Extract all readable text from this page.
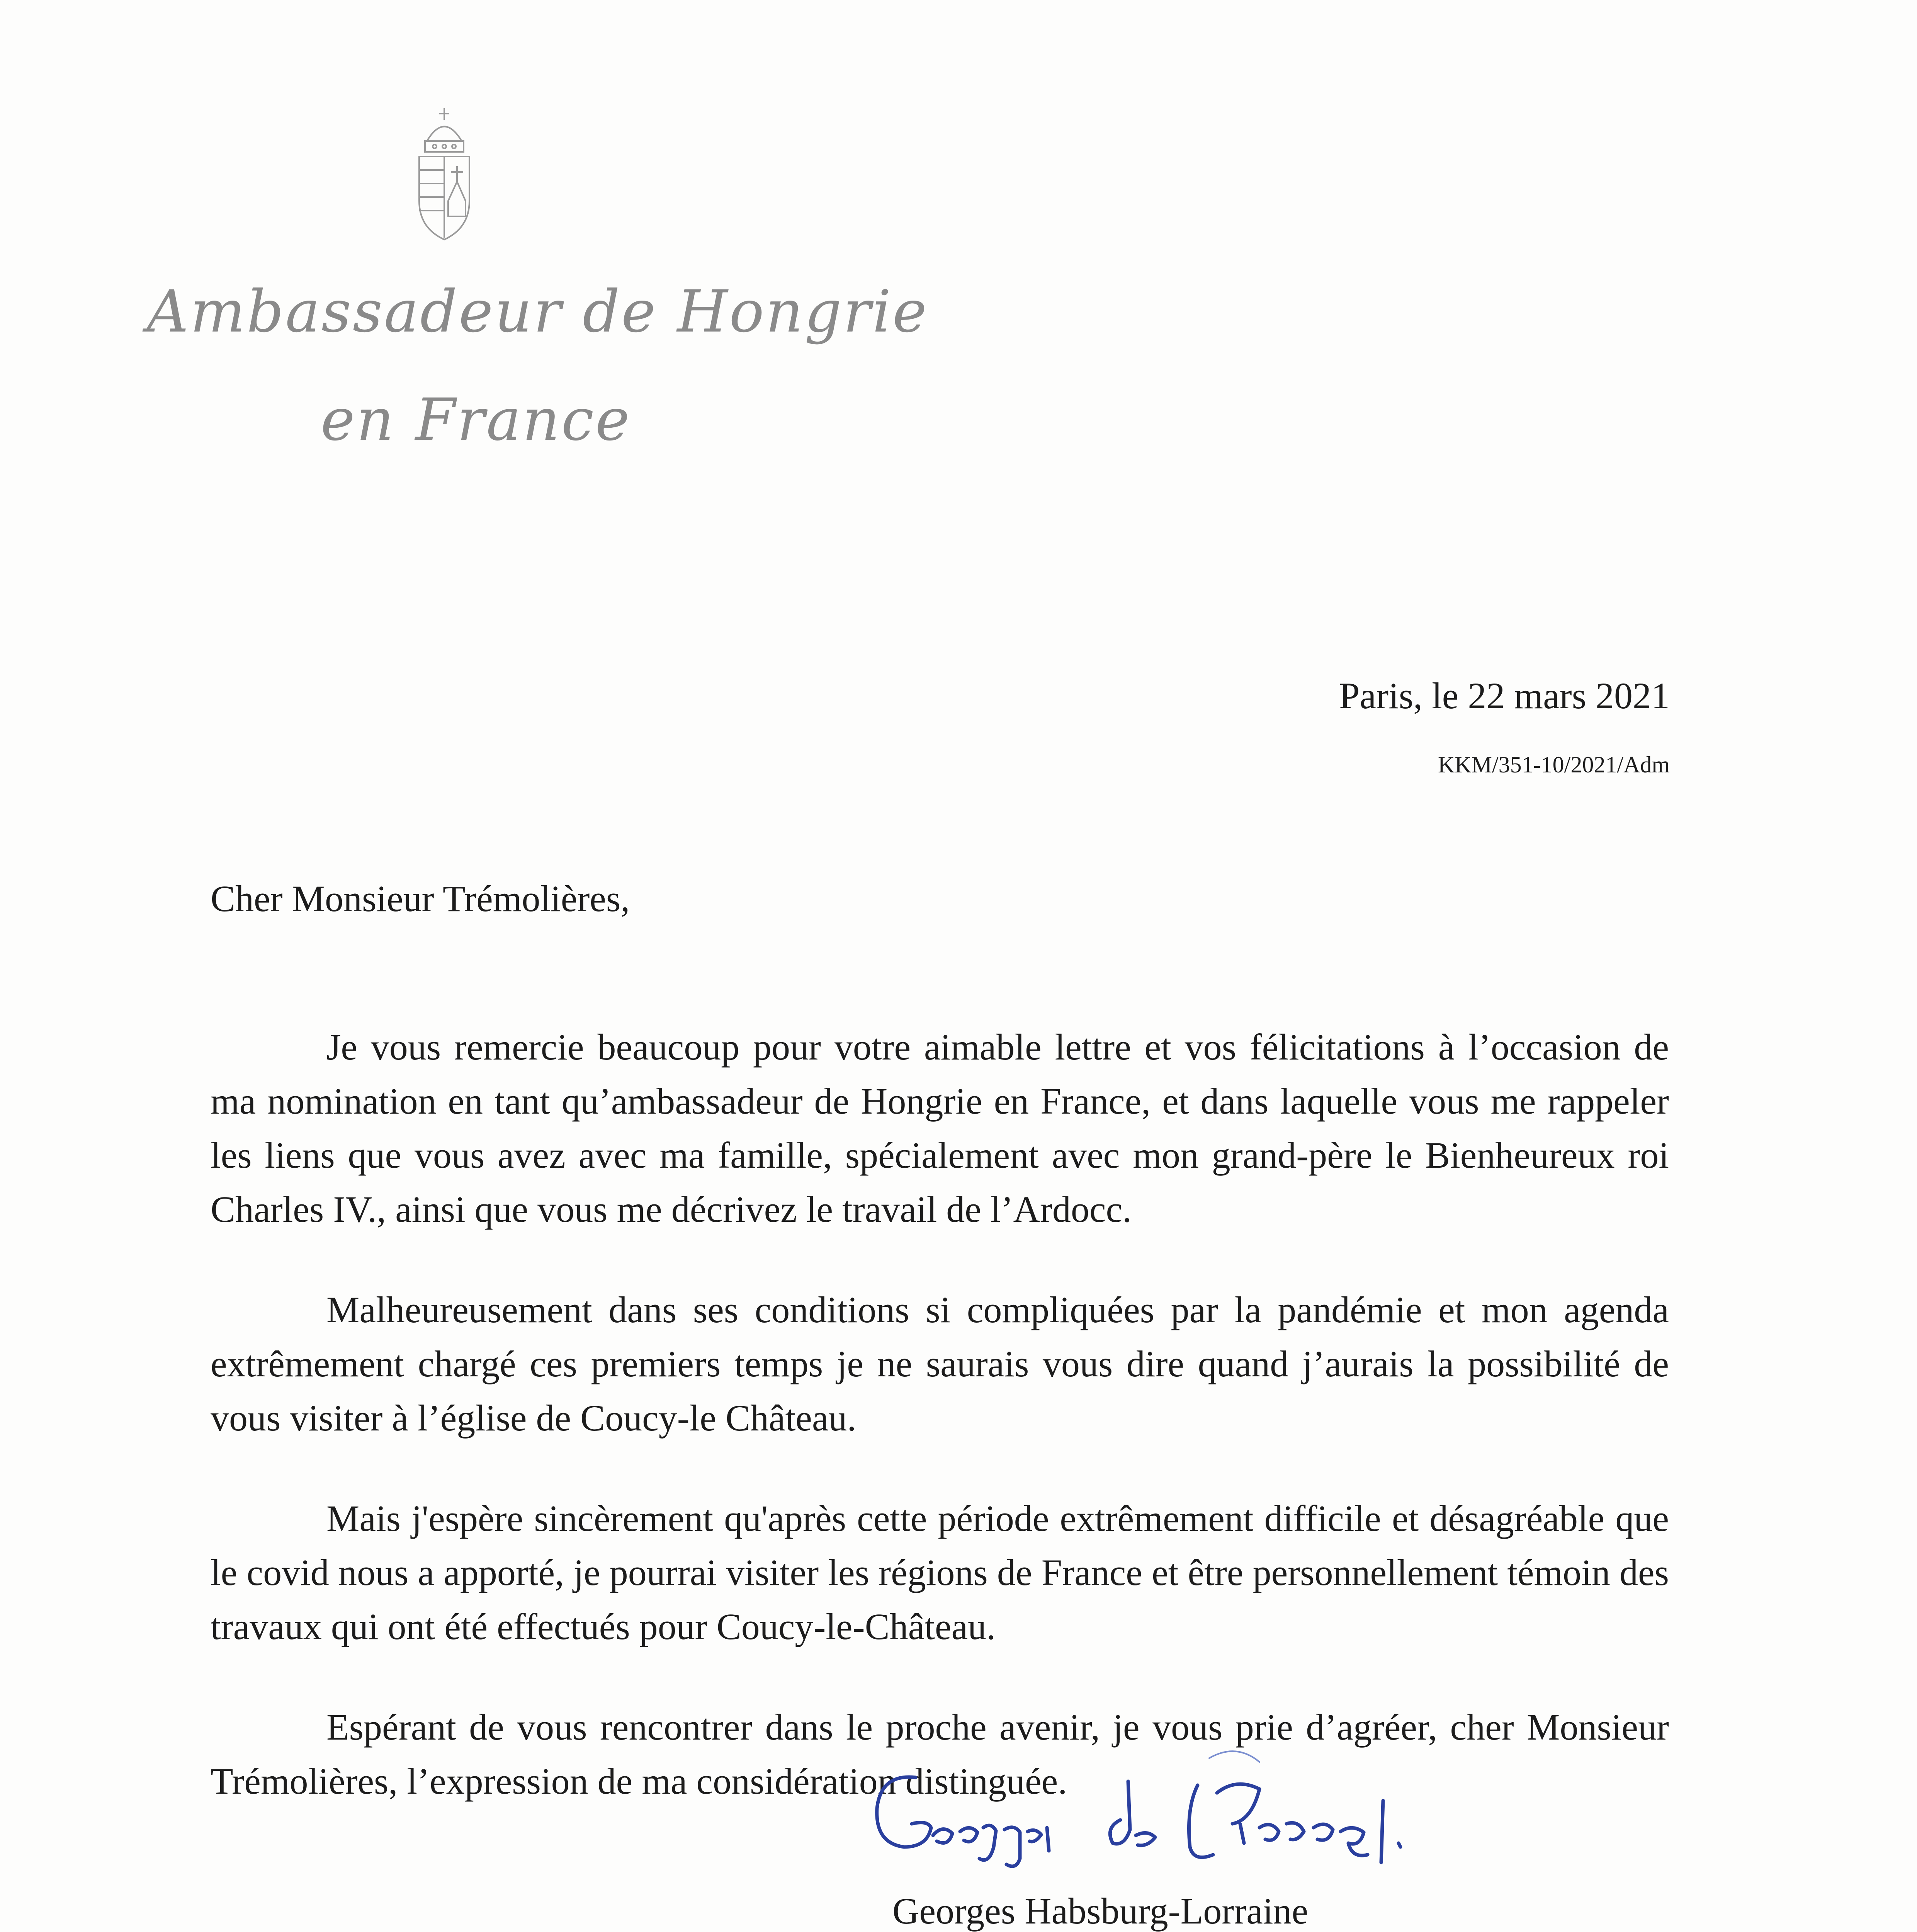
Ambassadeur de Hongrie
en France
Paris, le 22 mars 2021
KKM/351-10/2021/Adm
Cher Monsieur Trémolières,

Je vous remercie beaucoup pour votre aimable lettre et vos félicitations à l’occasion de ma nomination en tant qu’ambassadeur de Hongrie en France, et dans laquelle vous me rappeler les liens que vous avez avec ma famille, spécialement avec mon grand-père le Bienheureux roi Charles IV., ainsi que vous me décrivez le travail de l’Ardocc.

Malheureusement dans ses conditions si compliquées par la pandémie et mon agenda extrêmement chargé ces premiers temps je ne saurais vous dire quand j’aurais la possibilité de vous visiter à l’église de Coucy-le Château.

Mais j'espère sincèrement qu'après cette période extrêmement difficile et désagréable que le covid nous a apporté, je pourrai visiter les régions de France et être personnellement témoin des travaux qui ont été effectués pour Coucy-le-Château.

Espérant de vous rencontrer dans le proche avenir, je vous prie d’agréer, cher Monsieur Trémolières, l’expression de ma considération distinguée.

Georges Habsburg-Lorraine
